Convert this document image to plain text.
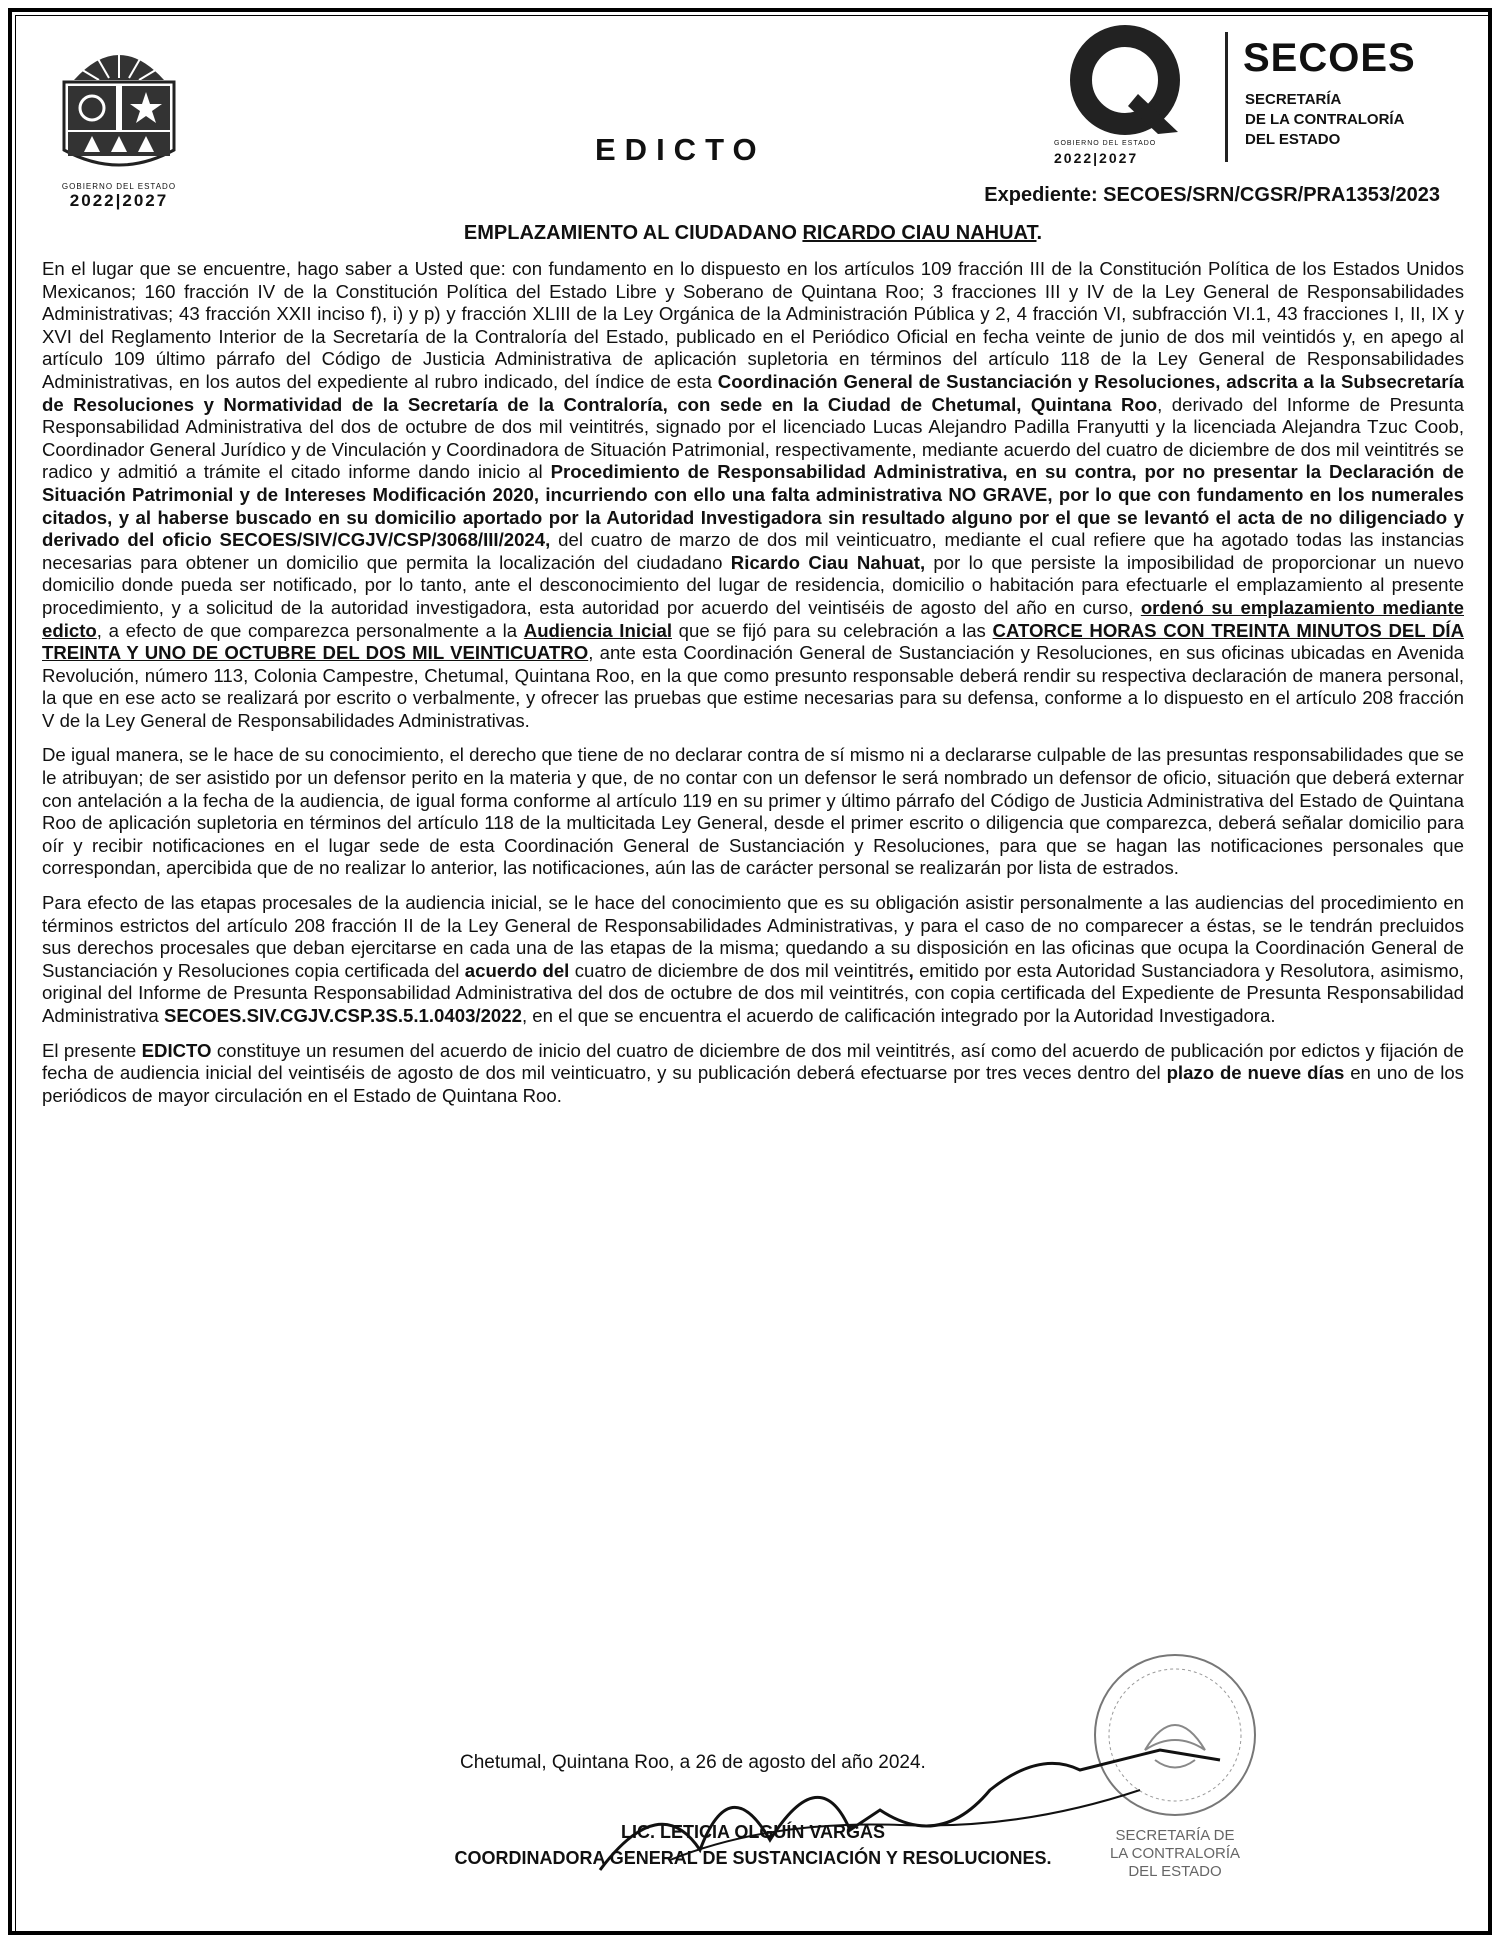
GOBIERNO DEL ESTADO
2022|2027
EDICTO	GOBIERNO DEL ESTADO
2022|2027
SECOES
SECRETARÍA
DE LA CONTRALORÍA
DEL ESTADO
Expediente: SECOES/SRN/CGSR/PRA1353/2023
EMPLAZAMIENTO AL CIUDADANO RICARDO CIAU NAHUAT.

En el lugar que se encuentre, hago saber a Usted que: con fundamento en lo dispuesto en los artículos 109 fracción III de la Constitución Política de los Estados Unidos Mexicanos; 160 fracción IV de la Constitución Política del Estado Libre y Soberano de Quintana Roo; 3 fracciones III y IV de la Ley General de Responsabilidades Administrativas; 43 fracción XXII inciso f), i) y p) y fracción XLIII de la Ley Orgánica de la Administración Pública y 2, 4 fracción VI, subfracción VI.1, 43 fracciones I, II, IX y XVI del Reglamento Interior de la Secretaría de la Contraloría del Estado, publicado en el Periódico Oficial en fecha veinte de junio de dos mil veintidós y, en apego al artículo 109 último párrafo del Código de Justicia Administrativa de aplicación supletoria en términos del artículo 118 de la Ley General de Responsabilidades Administrativas, en los autos del expediente al rubro indicado, del índice de esta Coordinación General de Sustanciación y Resoluciones, adscrita a la Subsecretaría de Resoluciones y Normatividad de la Secretaría de la Contraloría, con sede en la Ciudad de Chetumal, Quintana Roo, derivado del Informe de Presunta Responsabilidad Administrativa del dos de octubre de dos mil veintitrés, signado por el licenciado Lucas Alejandro Padilla Franyutti y la licenciada Alejandra Tzuc Coob, Coordinador General Jurídico y de Vinculación y Coordinadora de Situación Patrimonial, respectivamente, mediante acuerdo del cuatro de diciembre de dos mil veintitrés se radico y admitió a trámite el citado informe dando inicio al Procedimiento de Responsabilidad Administrativa, en su contra, por no presentar la Declaración de Situación Patrimonial y de Intereses Modificación 2020, incurriendo con ello una falta administrativa NO GRAVE, por lo que con fundamento en los numerales citados, y al haberse buscado en su domicilio aportado por la Autoridad Investigadora sin resultado alguno por el que se levantó el acta de no diligenciado y derivado del oficio SECOES/SIV/CGJV/CSP/3068/III/2024, del cuatro de marzo de dos mil veinticuatro, mediante el cual refiere que ha agotado todas las instancias necesarias para obtener un domicilio que permita la localización del ciudadano Ricardo Ciau Nahuat, por lo que persiste la imposibilidad de proporcionar un nuevo domicilio donde pueda ser notificado, por lo tanto, ante el desconocimiento del lugar de residencia, domicilio o habitación para efectuarle el emplazamiento al presente procedimiento, y a solicitud de la autoridad investigadora, esta autoridad por acuerdo del veintiséis de agosto del año en curso, ordenó su emplazamiento mediante edicto, a efecto de que comparezca personalmente a la Audiencia Inicial que se fijó para su celebración a las CATORCE HORAS CON TREINTA MINUTOS DEL DÍA TREINTA Y UNO DE OCTUBRE DEL DOS MIL VEINTICUATRO, ante esta Coordinación General de Sustanciación y Resoluciones, en sus oficinas ubicadas en Avenida Revolución, número 113, Colonia Campestre, Chetumal, Quintana Roo, en la que como presunto responsable deberá rendir su respectiva declaración de manera personal, la que en ese acto se realizará por escrito o verbalmente, y ofrecer las pruebas que estime necesarias para su defensa, conforme a lo dispuesto en el artículo 208 fracción V de la Ley General de Responsabilidades Administrativas.

De igual manera, se le hace de su conocimiento, el derecho que tiene de no declarar contra de sí mismo ni a declararse culpable de las presuntas responsabilidades que se le atribuyan; de ser asistido por un defensor perito en la materia y que, de no contar con un defensor le será nombrado un defensor de oficio, situación que deberá externar con antelación a la fecha de la audiencia, de igual forma conforme al artículo 119 en su primer y último párrafo del Código de Justicia Administrativa del Estado de Quintana Roo de aplicación supletoria en términos del artículo 118 de la multicitada Ley General, desde el primer escrito o diligencia que comparezca, deberá señalar domicilio para oír y recibir notificaciones en el lugar sede de esta Coordinación General de Sustanciación y Resoluciones, para que se hagan las notificaciones personales que correspondan, apercibida que de no realizar lo anterior, las notificaciones, aún las de carácter personal se realizarán por lista de estrados.

Para efecto de las etapas procesales de la audiencia inicial, se le hace del conocimiento que es su obligación asistir personalmente a las audiencias del procedimiento en términos estrictos del artículo 208 fracción II de la Ley General de Responsabilidades Administrativas, y para el caso de no comparecer a éstas, se le tendrán precluidos sus derechos procesales que deban ejercitarse en cada una de las etapas de la misma; quedando a su disposición en las oficinas que ocupa la Coordinación General de Sustanciación y Resoluciones copia certificada del acuerdo del cuatro de diciembre de dos mil veintitrés, emitido por esta Autoridad Sustanciadora y Resolutora, asimismo, original del Informe de Presunta Responsabilidad Administrativa del dos de octubre de dos mil veintitrés, con copia certificada del Expediente de Presunta Responsabilidad Administrativa SECOES.SIV.CGJV.CSP.3S.5.1.0403/2022, en el que se encuentra el acuerdo de calificación integrado por la Autoridad Investigadora.

El presente EDICTO constituye un resumen del acuerdo de inicio del cuatro de diciembre de dos mil veintitrés, así como del acuerdo de publicación por edictos y fijación de fecha de audiencia inicial del veintiséis de agosto de dos mil veinticuatro, y su publicación deberá efectuarse por tres veces dentro del plazo de nueve días en uno de los periódicos de mayor circulación en el Estado de Quintana Roo.

SECRETARÍA DE
LA CONTRALORÍA
DEL ESTADO
Chetumal, Quintana Roo, a 26 de agosto del año 2024.
LIC. LETICIA OLGUÍN VARGAS
COORDINADORA GENERAL DE SUSTANCIACIÓN Y RESOLUCIONES.
